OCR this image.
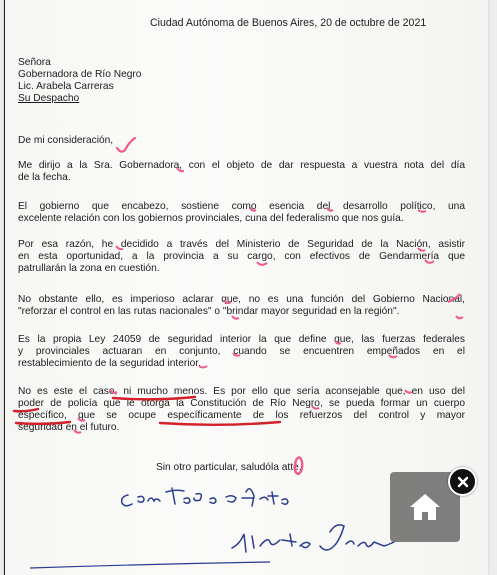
Ciudad Autónoma de Buenos Aires, 20 de octubre de 2021
Señora
Gobernadora de Río Negro
Lic. Arabela Carreras
Su Despacho
De mi consideración,
Me dirijo a la Sra. Gobernadora, con el objeto de dar respuesta a vuestra nota del día
de la fecha.
El gobierno que encabezo, sostiene como esencia del desarrollo político, una
excelente relación con los gobiernos provinciales, cuna del federalismo que nos guía.
Por esa razón, he decidido a través del Ministerio de Seguridad de la Nación, asistir
en esta oportunidad, a la provincia a su cargo, con efectivos de Gendarmería que
patrullarán la zona en cuestión.
No obstante ello, es imperioso aclarar que, no es una función del Gobierno Nacional,
"reforzar el control en las rutas nacionales" o "brindar mayor seguridad en la región".
Es la propia Ley 24059 de seguridad interior la que define que, las fuerzas federales
y provinciales actuaran en conjunto, cuando se encuentren empeñados en el
restablecimiento de la seguridad interior.
No es este el caso, ni mucho menos. Es por ello que sería aconsejable que, en uso del
poder de policía que le otorga la Constitución de Río Negro, se pueda formar un cuerpo
específico, que se ocupe específicamente de los refuerzos del control y mayor
seguridad en el futuro.
Sin otro particular, saludóla atte.
